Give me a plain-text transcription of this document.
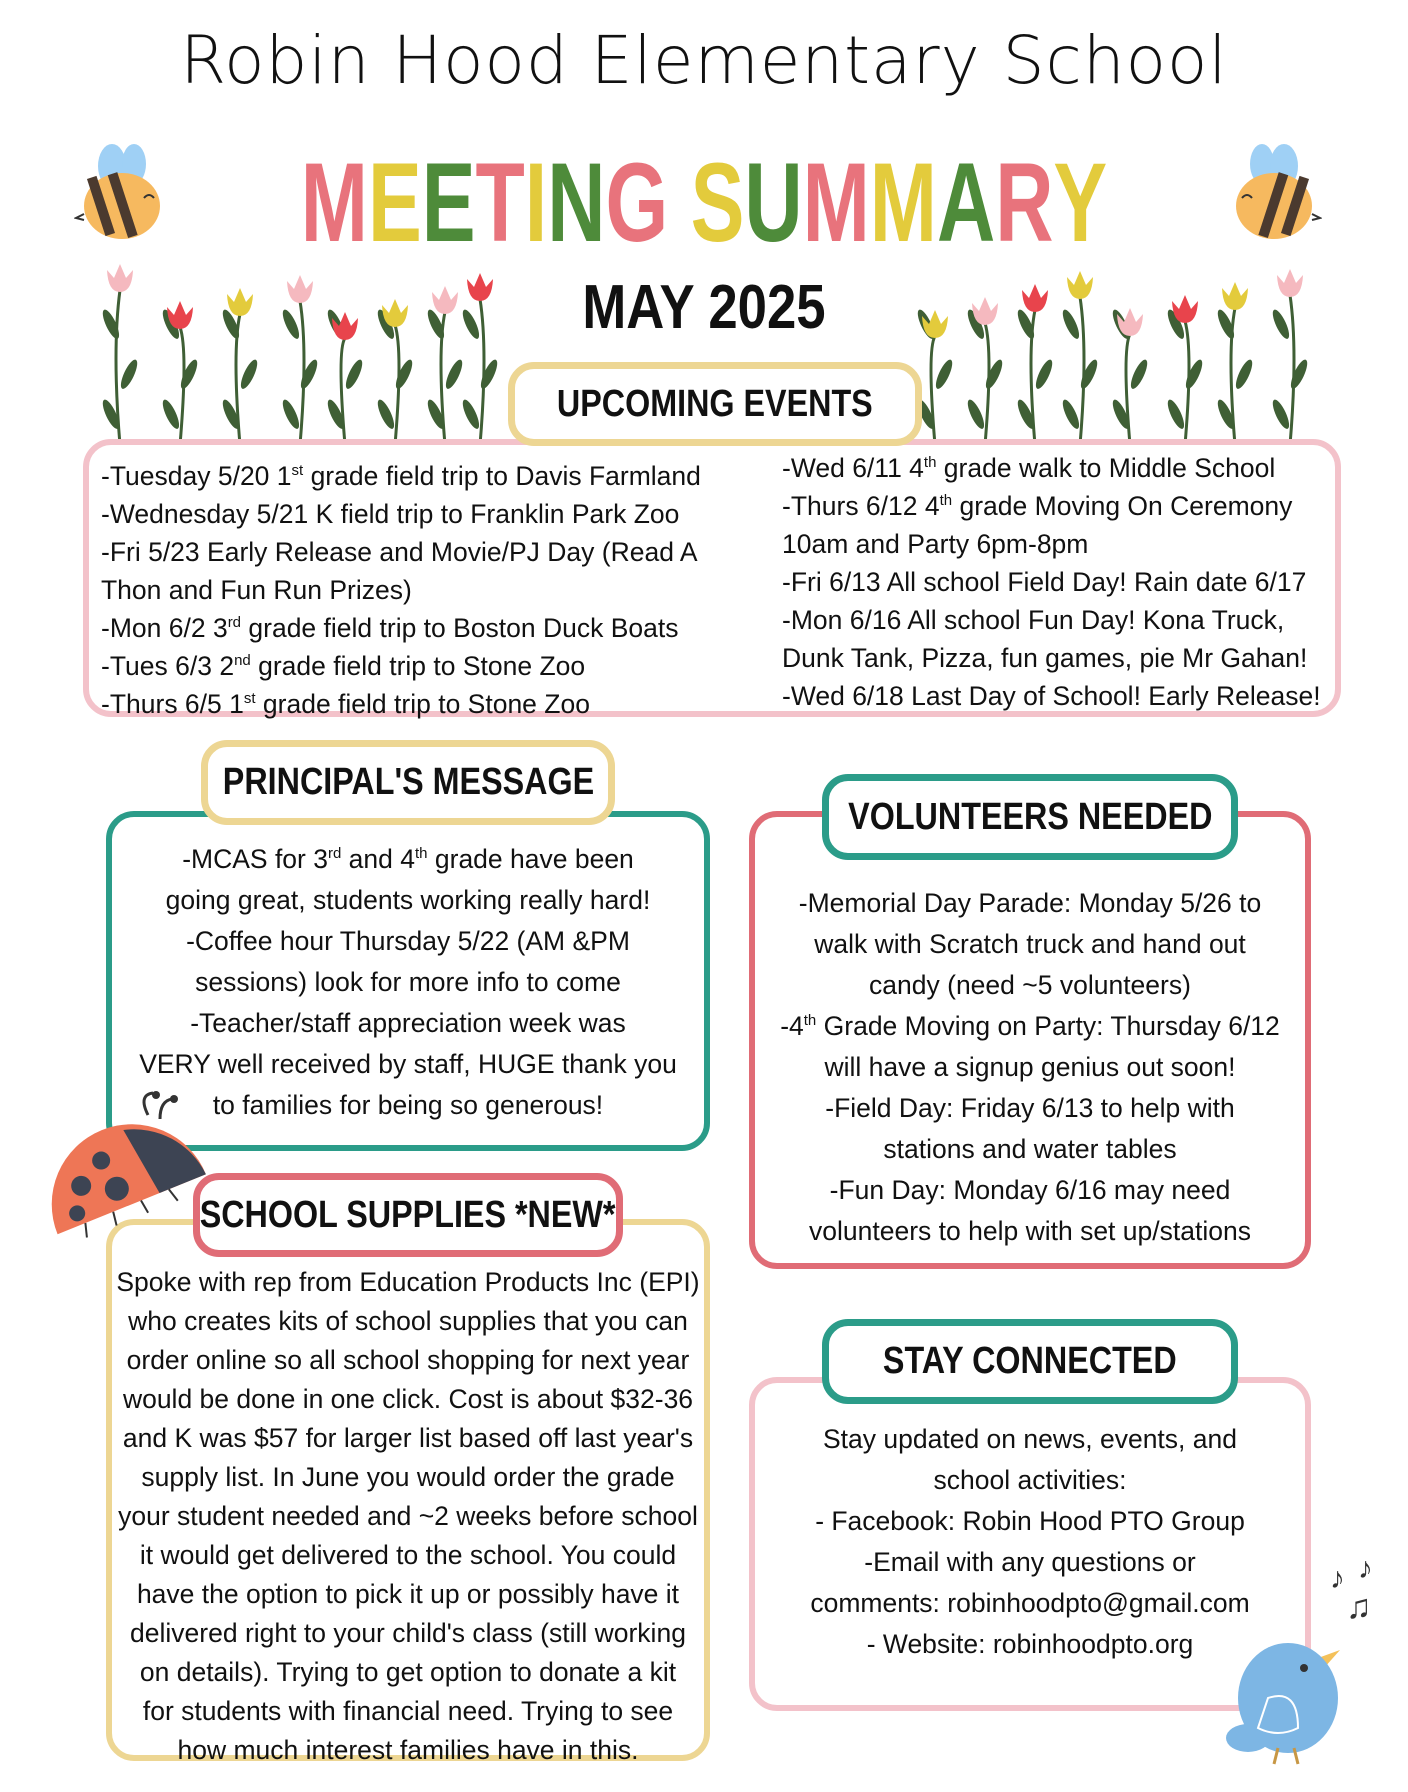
Robin Hood Elementary School
MEETING SUMMARY
MAY 2025
UPCOMING EVENTS
-Tuesday 5/20 1st grade field trip to Davis Farmland
-Wednesday 5/21 K field trip to Franklin Park Zoo
-Fri 5/23 Early Release and Movie/PJ Day (Read A
Thon and Fun Run Prizes)
-Mon 6/2 3rd grade field trip to Boston Duck Boats
-Tues 6/3 2nd grade field trip to Stone Zoo
-Thurs 6/5 1st grade field trip to Stone Zoo
-Wed 6/11 4th grade walk to Middle School
-Thurs 6/12 4th grade Moving On Ceremony
10am and Party 6pm-8pm
-Fri 6/13 All school Field Day! Rain date 6/17
-Mon 6/16 All school Fun Day! Kona Truck,
Dunk Tank, Pizza, fun games, pie Mr Gahan!
-Wed 6/18 Last Day of School! Early Release!
PRINCIPAL'S MESSAGE
-MCAS for 3rd and 4th grade have been
going great, students working really hard!
-Coffee hour Thursday 5/22 (AM &PM
sessions) look for more info to come
-Teacher/staff appreciation week was
VERY well received by staff, HUGE thank you
to families for being so generous!
VOLUNTEERS NEEDED
-Memorial Day Parade: Monday 5/26 to
walk with Scratch truck and hand out
candy (need ~5 volunteers)
-4th Grade Moving on Party: Thursday 6/12
will have a signup genius out soon!
-Field Day: Friday 6/13 to help with
stations and water tables
-Fun Day: Monday 6/16 may need
volunteers to help with set up/stations
SCHOOL SUPPLIES *NEW*
Spoke with rep from Education Products Inc (EPI)
who creates kits of school supplies that you can
order online so all school shopping for next year
would be done in one click. Cost is about $32-36
and K was $57 for larger list based off last year's
supply list. In June you would order the grade
your student needed and ~2 weeks before school
it would get delivered to the school. You could
have the option to pick it up or possibly have it
delivered right to your child's class (still working
on details). Trying to get option to donate a kit
for students with financial need. Trying to see
how much interest families have in this.
STAY CONNECTED
Stay updated on news, events, and
school activities:
- Facebook: Robin Hood PTO Group
-Email with any questions or
comments: robinhoodpto@gmail.com
- Website: robinhoodpto.org
♪ ♪
♫
